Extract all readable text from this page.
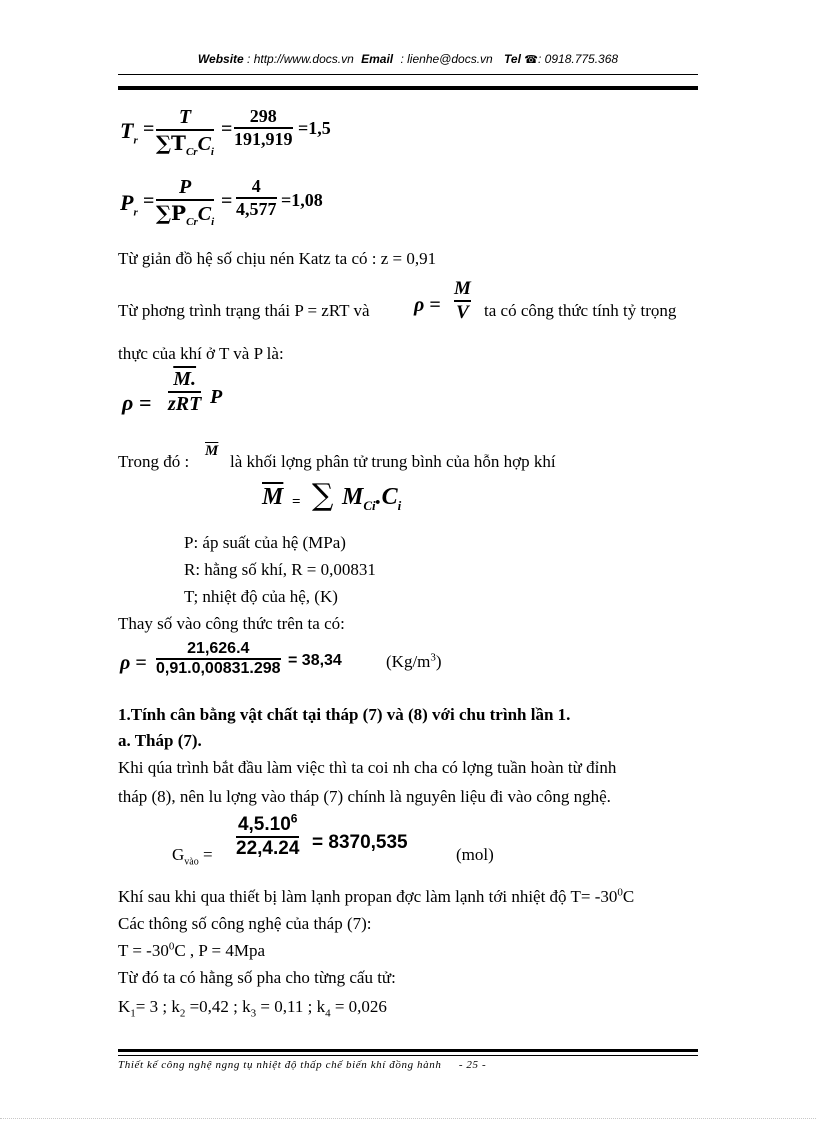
Website : http://www.docs.vn Email : lienhe@docs.vn Tel ☎: 0918.775.368
$T_r$
=
T
$\sum T_{Cr}C_i$
=
298
191,919
=1,5
$P_r$
=
P
$\sum P_{Cr}C_i$
=
4
4,577 =1,08
Từ giản đồ hệ số chịu nén Katz ta có : z = 0,91
Từ phơng trình trạng thái P = zRT và ρ =
M
V ta có công thức tính tỷ trọng
thực của khí ở T và P là:
ρ =
M.
zRT P
Trong đó :
$\overline{M}$
là khối lợng phân tử trung bình của hỗn hợp khí
$\overline{M}$ = ∑ $M_{Ci}.C_i$
P: áp suất của hệ (MPa)
R: hằng số khí, R = 0,00831
T; nhiệt độ của hệ, (K)
Thay số vào công thức trên ta có:
ρ =
21,626.4
0,91.0,00831.298 = 38,34	$(Kg/m^3)$
1.Tính cân bằng vật chất tại tháp (7) và (8) với chu trình lần 1.
a. Tháp (7).
Khi qúa trình bắt đầu làm việc thì ta coi nh cha có lợng tuần hoàn từ đỉnh
tháp (8), nên lu lợng vào tháp (7) chính là nguyên liệu đi vào công nghệ.
$G_{vào}$ =
$4,5.10^6$
22,4.24 = 8370,535
(mol)
Khí sau khi qua thiết bị làm lạnh propan đợc làm lạnh tới nhiệt độ $T= -30^0C$
Các thông số công nghệ của tháp (7):
$T = -30^0C$ , P = 4Mpa
Từ đó ta có hằng số pha cho từng cấu tử:
$K_1= 3$ ; $k_2 =0,42$ ; $k_3 = 0,11$ ; $k_4 = 0,026$
Thiết kế công nghệ ngng tụ nhiệt độ thấp chế biến khí đồng hành - 25 -
